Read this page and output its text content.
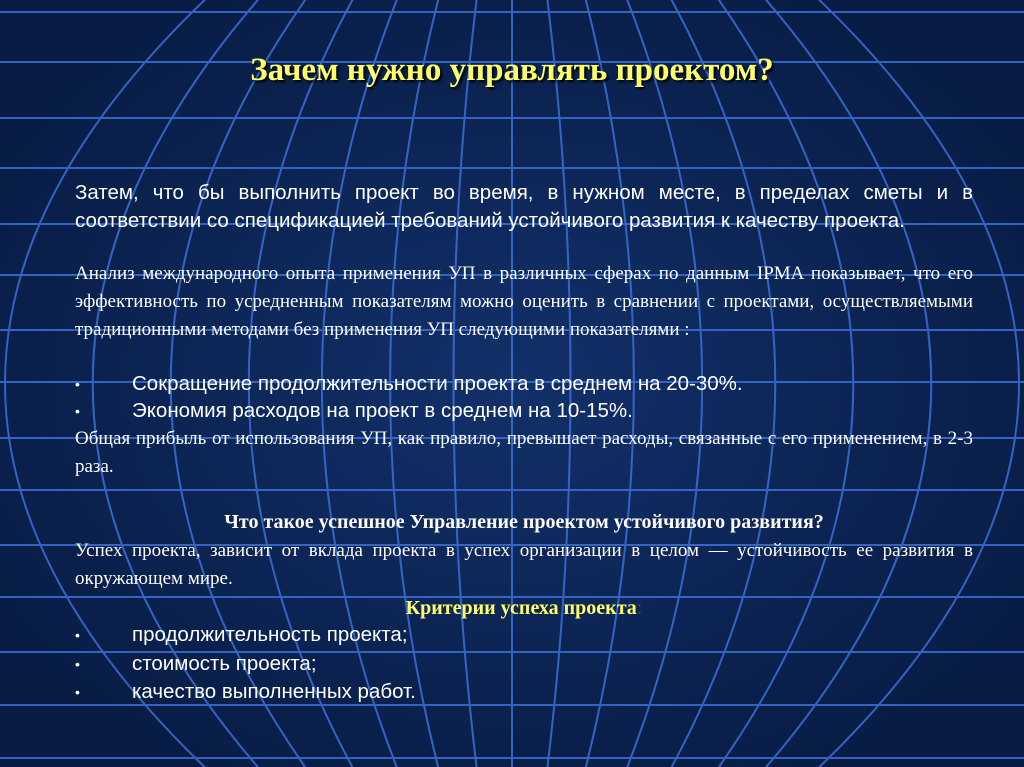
Зачем нужно управлять проектом?

Затем, что бы выполнить проект во время, в нужном месте, в пределах сметы и в соответствии со спецификацией требований устойчивого развития к качеству проекта.

Анализ международного опыта применения УП в различных сферах по данным IPMA показывает, что его эффективность по усредненным показателям можно оценить в сравнении с проектами, осуществляемыми традиционными методами без применения УП следующими показателями :

•	Сокращение продолжительности проекта в среднем на 20-30%.
•	Экономия расходов на проект в среднем на 10-15%.

Общая прибыль от использования УП, как правило, превышает расходы, связанные с его применением, в 2-3 раза.

Что такое успешное Управление проектом устойчивого развития?

Успех проекта, зависит от вклада проекта в успех организации в целом — устойчивость ее развития в окружающем мире.

Критерии успеха проекта:

•	продолжительность проекта;
•	стоимость проекта;
•	качество выполненных работ.
